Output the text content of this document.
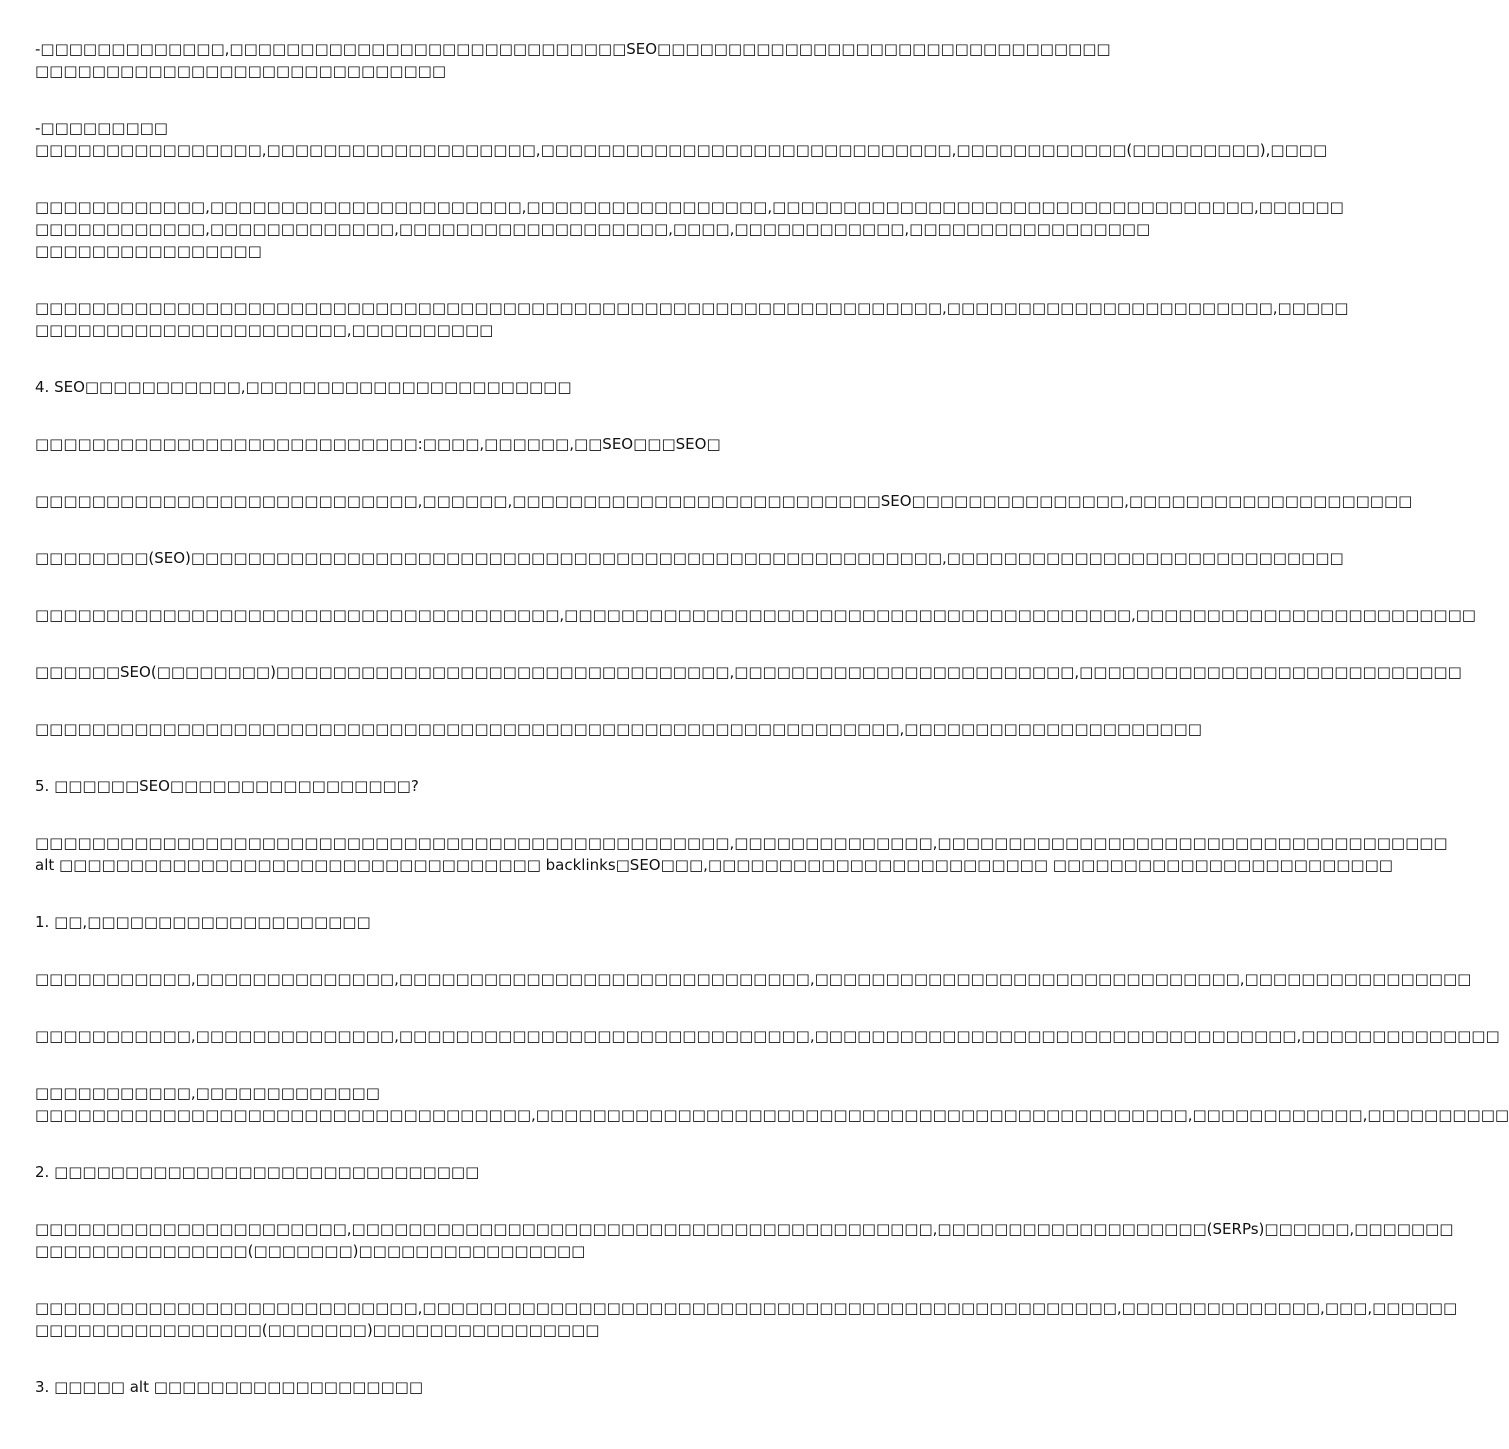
-□□□□□□□□□□□□□,□□□□□□□□□□□□□□□□□□□□□□□□□□□□SEO□□□□□□□□□□□□□□□□□□□□□□□□□□□□□□□□
□□□□□□□□□□□□□□□□□□□□□□□□□□□□□
-□□□□□□□□□
□□□□□□□□□□□□□□□□,□□□□□□□□□□□□□□□□□□□,□□□□□□□□□□□□□□□□□□□□□□□□□□□□□,□□□□□□□□□□□□(□□□□□□□□□),□□□□
□□□□□□□□□□□□,□□□□□□□□□□□□□□□□□□□□□□,□□□□□□□□□□□□□□□□□,□□□□□□□□□□□□□□□□□□□□□□□□□□□□□□□□□□,□□□□□□
□□□□□□□□□□□□,□□□□□□□□□□□□□,□□□□□□□□□□□□□□□□□□□,□□□□,□□□□□□□□□□□□,□□□□□□□□□□□□□□□□□
□□□□□□□□□□□□□□□□
□□□□□□□□□□□□□□□□□□□□□□□□□□□□□□□□□□□□□□□□□□□□□□□□□□□□□□□□□□□□□□□□,□□□□□□□□□□□□□□□□□□□□□□□,□□□□□
□□□□□□□□□□□□□□□□□□□□□□,□□□□□□□□□□
4. SEO□□□□□□□□□□□,□□□□□□□□□□□□□□□□□□□□□□□
□□□□□□□□□□□□□□□□□□□□□□□□□□□:□□□□,□□□□□□,□□SEO□□□SEO□
□□□□□□□□□□□□□□□□□□□□□□□□□□□,□□□□□□,□□□□□□□□□□□□□□□□□□□□□□□□□□SEO□□□□□□□□□□□□□□□,□□□□□□□□□□□□□□□□□□□□
□□□□□□□□(SEO)□□□□□□□□□□□□□□□□□□□□□□□□□□□□□□□□□□□□□□□□□□□□□□□□□□□□□,□□□□□□□□□□□□□□□□□□□□□□□□□□□□
□□□□□□□□□□□□□□□□□□□□□□□□□□□□□□□□□□□□□,□□□□□□□□□□□□□□□□□□□□□□□□□□□□□□□□□□□□□□□□,□□□□□□□□□□□□□□□□□□□□□□□□
□□□□□□SEO(□□□□□□□□)□□□□□□□□□□□□□□□□□□□□□□□□□□□□□□□□,□□□□□□□□□□□□□□□□□□□□□□□□,□□□□□□□□□□□□□□□□□□□□□□□□□□□
□□□□□□□□□□□□□□□□□□□□□□□□□□□□□□□□□□□□□□□□□□□□□□□□□□□□□□□□□□□□□,□□□□□□□□□□□□□□□□□□□□□
5. □□□□□□SEO□□□□□□□□□□□□□□□□□?
□□□□□□□□□□□□□□□□□□□□□□□□□□□□□□□□□□□□□□□□□□□□□□□□□,□□□□□□□□□□□□□□,□□□□□□□□□□□□□□□□□□□□□□□□□□□□□□□□□□□□
alt □□□□□□□□□□□□□□□□□□□□□□□□□□□□□□□□□□ backlinks□SEO□□□,□□□□□□□□□□□□□□□□□□□□□□□□ □□□□□□□□□□□□□□□□□□□□□□□□
1. □□,□□□□□□□□□□□□□□□□□□□□
□□□□□□□□□□□,□□□□□□□□□□□□□□,□□□□□□□□□□□□□□□□□□□□□□□□□□□□□,□□□□□□□□□□□□□□□□□□□□□□□□□□□□□□,□□□□□□□□□□□□□□□□
□□□□□□□□□□□,□□□□□□□□□□□□□□,□□□□□□□□□□□□□□□□□□□□□□□□□□□□□,□□□□□□□□□□□□□□□□□□□□□□□□□□□□□□□□□□,□□□□□□□□□□□□□□
□□□□□□□□□□□,□□□□□□□□□□□□□
□□□□□□□□□□□□□□□□□□□□□□□□□□□□□□□□□□□,□□□□□□□□□□□□□□□□□□□□□□□□□□□□□□□□□□□□□□□□□□□□□□,□□□□□□□□□□□□,□□□□□□□□□□
2. □□□□□□□□□□□□□□□□□□□□□□□□□□□□□□
□□□□□□□□□□□□□□□□□□□□□□,□□□□□□□□□□□□□□□□□□□□□□□□□□□□□□□□□□□□□□□□□,□□□□□□□□□□□□□□□□□□□(SERPs)□□□□□□,□□□□□□□
□□□□□□□□□□□□□□□(□□□□□□□)□□□□□□□□□□□□□□□□
□□□□□□□□□□□□□□□□□□□□□□□□□□□,□□□□□□□□□□□□□□□□□□□□□□□□□□□□□□□□□□□□□□□□□□□□□□□□□,□□□□□□□□□□□□□□,□□□,□□□□□□
□□□□□□□□□□□□□□□□(□□□□□□□)□□□□□□□□□□□□□□□□
3. □□□□□ alt □□□□□□□□□□□□□□□□□□□
